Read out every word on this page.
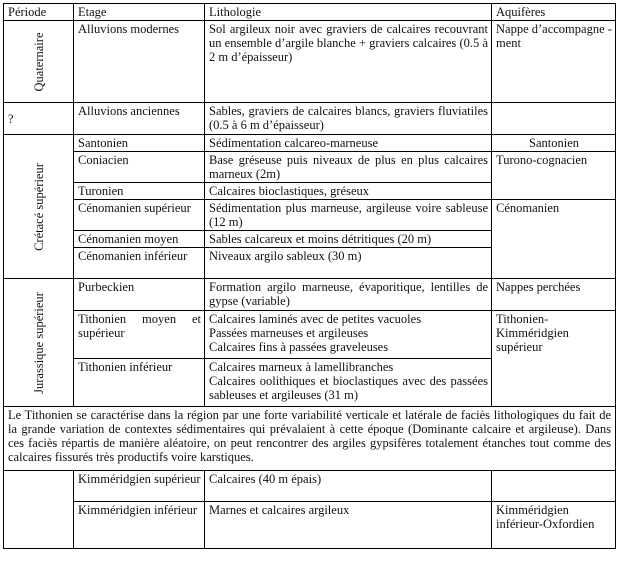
Période	Etage	Lithologie	Aquifères

Quaternaire	Alluvions modernes	Sol argileux noir avec graviers de calcaires recouvrant un ensemble d’argile blanche + graviers calcaires (0.5 à 2 m d’épaisseur)	Nappe d’accompagne -ment
?	Alluvions anciennes	Sables, graviers de calcaires blancs, graviers fluviatiles (0.5 à 6 m d’épaisseur)	

Crétacé supérieur	Santonien	Sédimentation calcareo-marneuse	Santonien
	Coniacien	Base gréseuse puis niveaux de plus en plus calcaires marneux (2m)	Turono-cognacien
	Turonien	Calcaires bioclastiques, gréseux	
	Cénomanien supérieur	Sédimentation plus marneuse, argileuse voire sableuse (12 m)	Cénomanien
	Cénomanien moyen	Sables calcareux et moins détritiques (20 m)	
	Cénomanien inférieur	Niveaux argilo sableux (30 m)	

Jurassique supérieur	Purbeckien	Formation argilo marneuse, évaporitique, lentilles de gypse (variable)	Nappes perchées
	Tithonien moyen et supérieur	Calcaires laminés avec de petites vacuoles
Passées marneuses et argileuses
Calcaires fins à passées graveleuses	Tithonien-Kimméridgien supérieur
	Tithonien inférieur	Calcaires marneux à lamellibranches
Calcaires oolithiques et bioclastiques avec des passées sableuses et argileuses (31 m)	

Le Tithonien se caractérise dans la région par une forte variabilité verticale et latérale de faciès lithologiques du fait de la grande variation de contextes sédimentaires qui prévalaient à cette époque (Dominante calcaire et argileuse). Dans ces faciès répartis de manière aléatoire, on peut rencontrer des argiles gypsifères totalement étanches tout comme des calcaires fissurés très productifs voire karstiques.			
	Kimméridgien supérieur	Calcaires (40 m épais)	
	Kimméridgien inférieur	Marnes et calcaires argileux	Kimméridgien inférieur-Oxfordien
